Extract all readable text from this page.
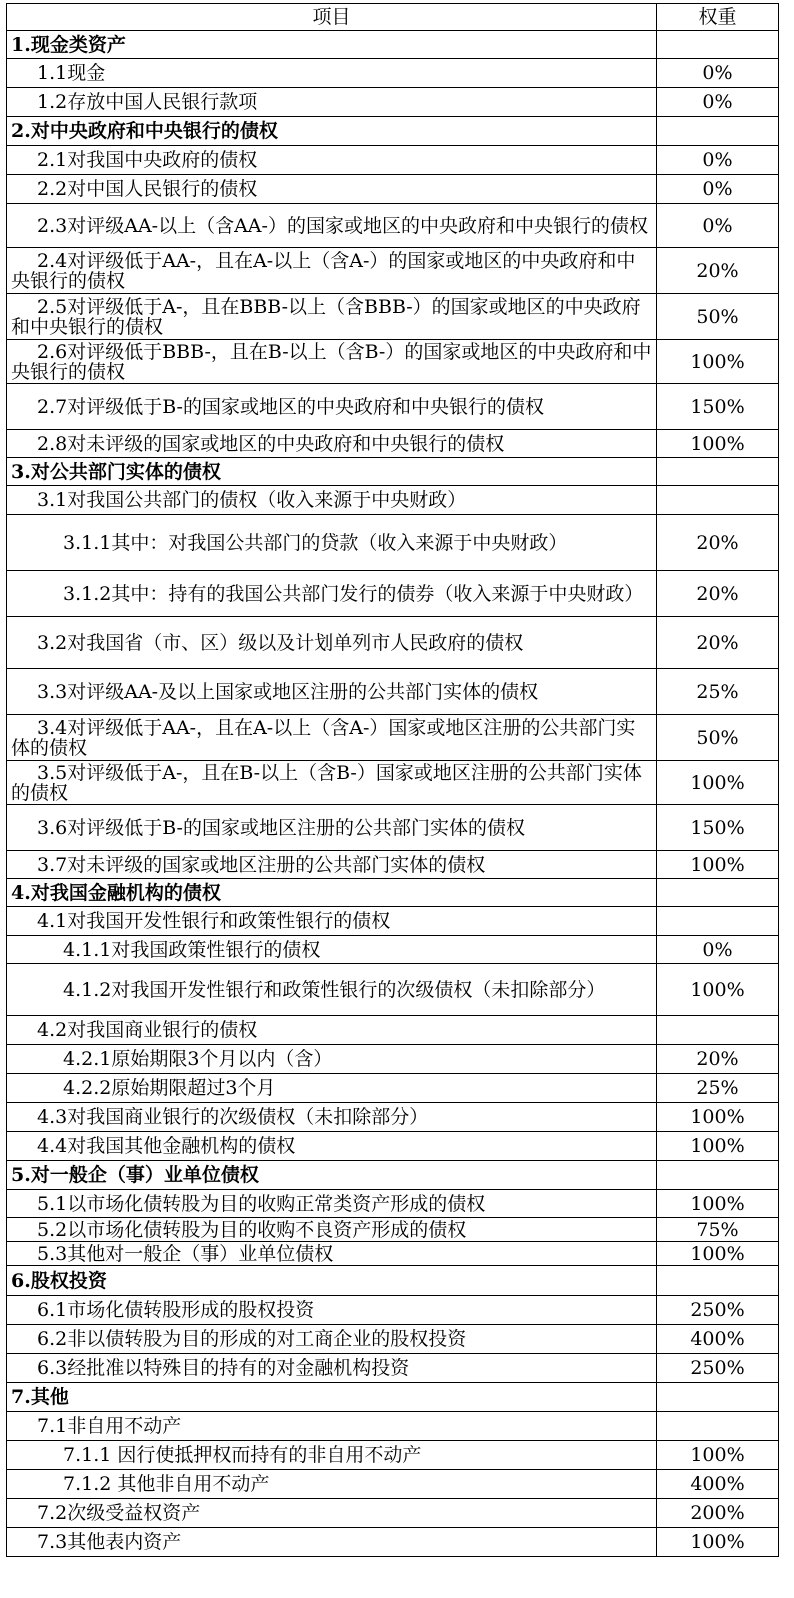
项目	权重
1.现金类资产	
1.1现金	0%
1.2存放中国人民银行款项	0%
2.对中央政府和中央银行的债权	
2.1对我国中央政府的债权	0%
2.2对中国人民银行的债权	0%
2.3对评级AA-以上（含AA-）的国家或地区的中央政府和中央银行的债权	0%
2.4对评级低于AA-，且在A-以上（含A-）的国家或地区的中央政府和中央银行的债权	20%
2.5对评级低于A-，且在BBB-以上（含BBB-）的国家或地区的中央政府和中央银行的债权	50%
2.6对评级低于BBB-，且在B-以上（含B-）的国家或地区的中央政府和中央银行的债权	100%
2.7对评级低于B-的国家或地区的中央政府和中央银行的债权	150%
2.8对未评级的国家或地区的中央政府和中央银行的债权	100%
3.对公共部门实体的债权	
3.1对我国公共部门的债权（收入来源于中央财政）	
3.1.1其中：对我国公共部门的贷款（收入来源于中央财政）	20%
3.1.2其中：持有的我国公共部门发行的债券（收入来源于中央财政）	20%
3.2对我国省（市、区）级以及计划单列市人民政府的债权	20%
3.3对评级AA-及以上国家或地区注册的公共部门实体的债权	25%
3.4对评级低于AA-，且在A-以上（含A-）国家或地区注册的公共部门实体的债权	50%
3.5对评级低于A-，且在B-以上（含B-）国家或地区注册的公共部门实体的债权	100%
3.6对评级低于B-的国家或地区注册的公共部门实体的债权	150%
3.7对未评级的国家或地区注册的公共部门实体的债权	100%
4.对我国金融机构的债权	
4.1对我国开发性银行和政策性银行的债权	
4.1.1对我国政策性银行的债权	0%
4.1.2对我国开发性银行和政策性银行的次级债权（未扣除部分）	100%
4.2对我国商业银行的债权	
4.2.1原始期限3个月以内（含）	20%
4.2.2原始期限超过3个月	25%
4.3对我国商业银行的次级债权（未扣除部分）	100%
4.4对我国其他金融机构的债权	100%
5.对一般企（事）业单位债权	
5.1以市场化债转股为目的收购正常类资产形成的债权	100%
5.2以市场化债转股为目的收购不良资产形成的债权	75%
5.3其他对一般企（事）业单位债权	100%
6.股权投资	
6.1市场化债转股形成的股权投资	250%
6.2非以债转股为目的形成的对工商企业的股权投资	400%
6.3经批准以特殊目的持有的对金融机构投资	250%
7.其他	
7.1非自用不动产	
7.1.1 因行使抵押权而持有的非自用不动产	100%
7.1.2 其他非自用不动产	400%
7.2次级受益权资产	200%
7.3其他表内资产	100%
